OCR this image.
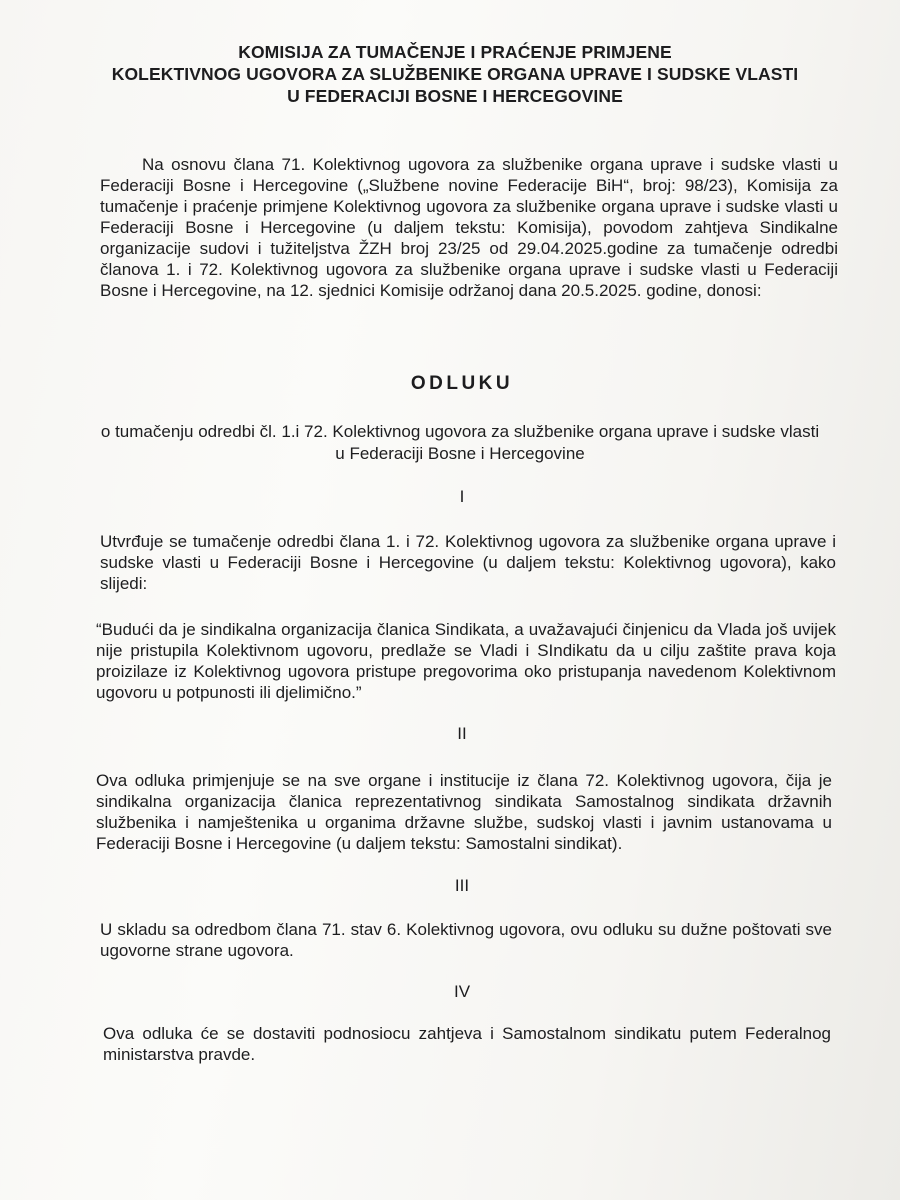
KOMISIJA ZA TUMAČENJE I PRAĆENJE PRIMJENE
KOLEKTIVNOG UGOVORA ZA SLUŽBENIKE ORGANA UPRAVE I SUDSKE VLASTI
U FEDERACIJI BOSNE I HERCEGOVINE
Na osnovu člana 71. Kolektivnog ugovora za službenike organa uprave i sudske vlasti u Federaciji Bosne i Hercegovine („Službene novine Federacije BiH“, broj: 98/23), Komisija za tumačenje i praćenje primjene Kolektivnog ugovora za službenike organa uprave i sudske vlasti u Federaciji Bosne i Hercegovine (u daljem tekstu: Komisija), povodom zahtjeva Sindikalne organizacije sudovi i tužiteljstva ŽZH broj 23/25 od 29.04.2025.godine za tumačenje odredbi članova 1. i 72. Kolektivnog ugovora za službenike organa uprave i sudske vlasti u Federaciji Bosne i Hercegovine, na 12. sjednici Komisije održanoj dana 20.5.2025. godine, donosi:
ODLUKU
o tumačenju odredbi čl. 1.i 72. Kolektivnog ugovora za službenike organa uprave i sudske vlasti u Federaciji Bosne i Hercegovine
I
Utvrđuje se tumačenje odredbi člana 1. i 72. Kolektivnog ugovora za službenike organa uprave i sudske vlasti u Federaciji Bosne i Hercegovine (u daljem tekstu: Kolektivnog ugovora), kako slijedi:
“Budući da je sindikalna organizacija članica Sindikata, a uvažavajući činjenicu da Vlada još uvijek nije pristupila Kolektivnom ugovoru, predlaže se Vladi i SIndikatu da u cilju zaštite prava koja proizilaze iz Kolektivnog ugovora pristupe pregovorima oko pristupanja navedenom Kolektivnom ugovoru u potpunosti ili djelimično.”
II
Ova odluka primjenjuje se na sve organe i institucije iz člana 72. Kolektivnog ugovora, čija je sindikalna organizacija članica reprezentativnog sindikata Samostalnog sindikata državnih službenika i namještenika u organima državne službe, sudskoj vlasti i javnim ustanovama u Federaciji Bosne i Hercegovine (u daljem tekstu: Samostalni sindikat).
III
U skladu sa odredbom člana 71. stav 6. Kolektivnog ugovora, ovu odluku su dužne poštovati sve ugovorne strane ugovora.
IV
Ova odluka će se dostaviti podnosiocu zahtjeva i Samostalnom sindikatu putem Federalnog ministarstva pravde.
